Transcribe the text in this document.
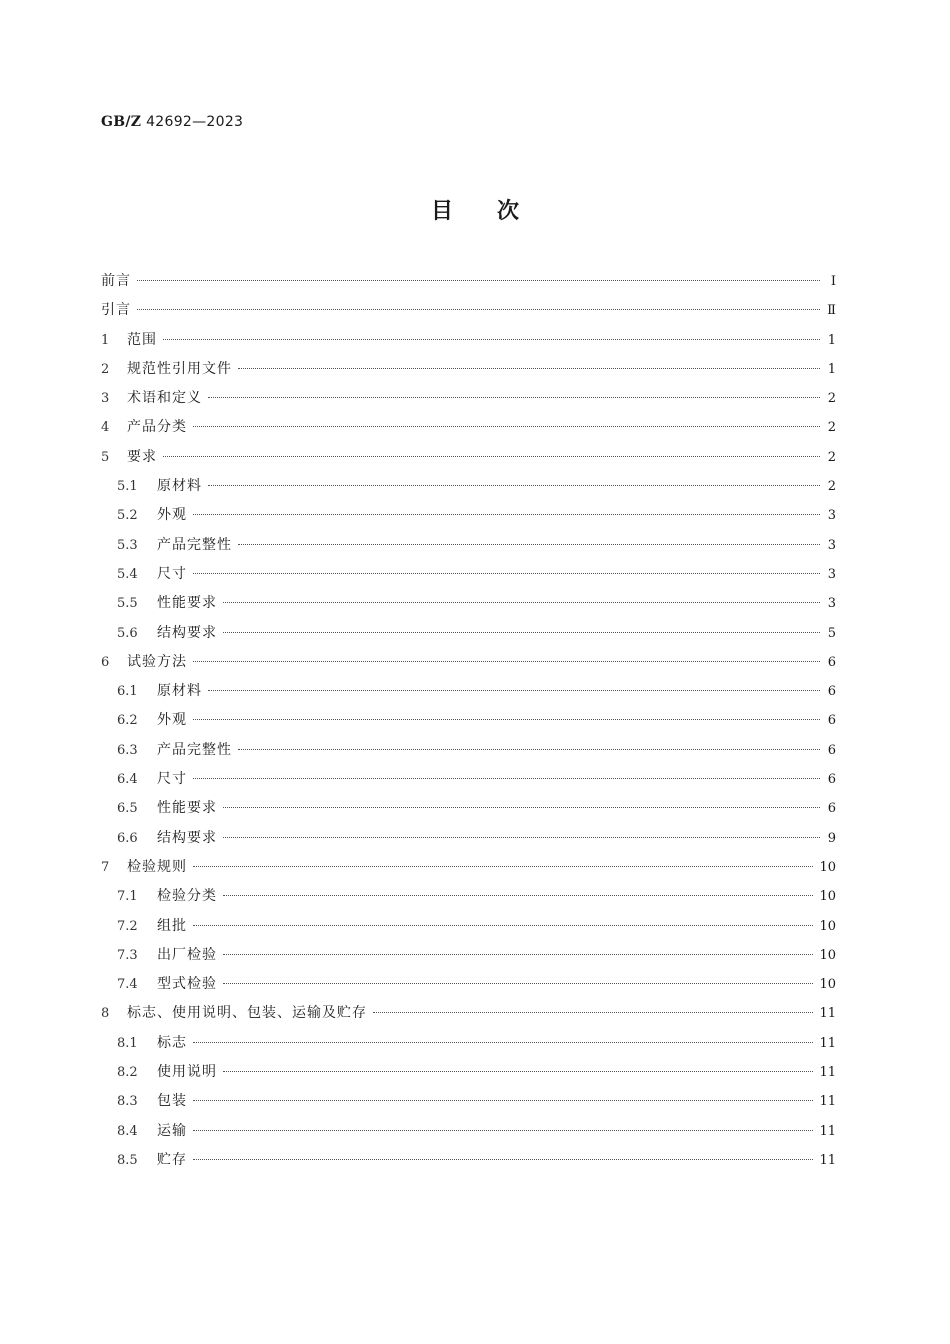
GB/Z 42692—2023
目次
前言	Ⅰ
引言	Ⅱ
1	范围	1
2	规范性引用文件	1
3	术语和定义	2
4	产品分类	2
5	要求	2
5.1	原材料	2
5.2	外观	3
5.3	产品完整性	3
5.4	尺寸	3
5.5	性能要求	3
5.6	结构要求	5
6	试验方法	6
6.1	原材料	6
6.2	外观	6
6.3	产品完整性	6
6.4	尺寸	6
6.5	性能要求	6
6.6	结构要求	9
7	检验规则	10
7.1	检验分类	10
7.2	组批	10
7.3	出厂检验	10
7.4	型式检验	10
8	标志、使用说明、包装、运输及贮存	11
8.1	标志	11
8.2	使用说明	11
8.3	包装	11
8.4	运输	11
8.5	贮存	11
